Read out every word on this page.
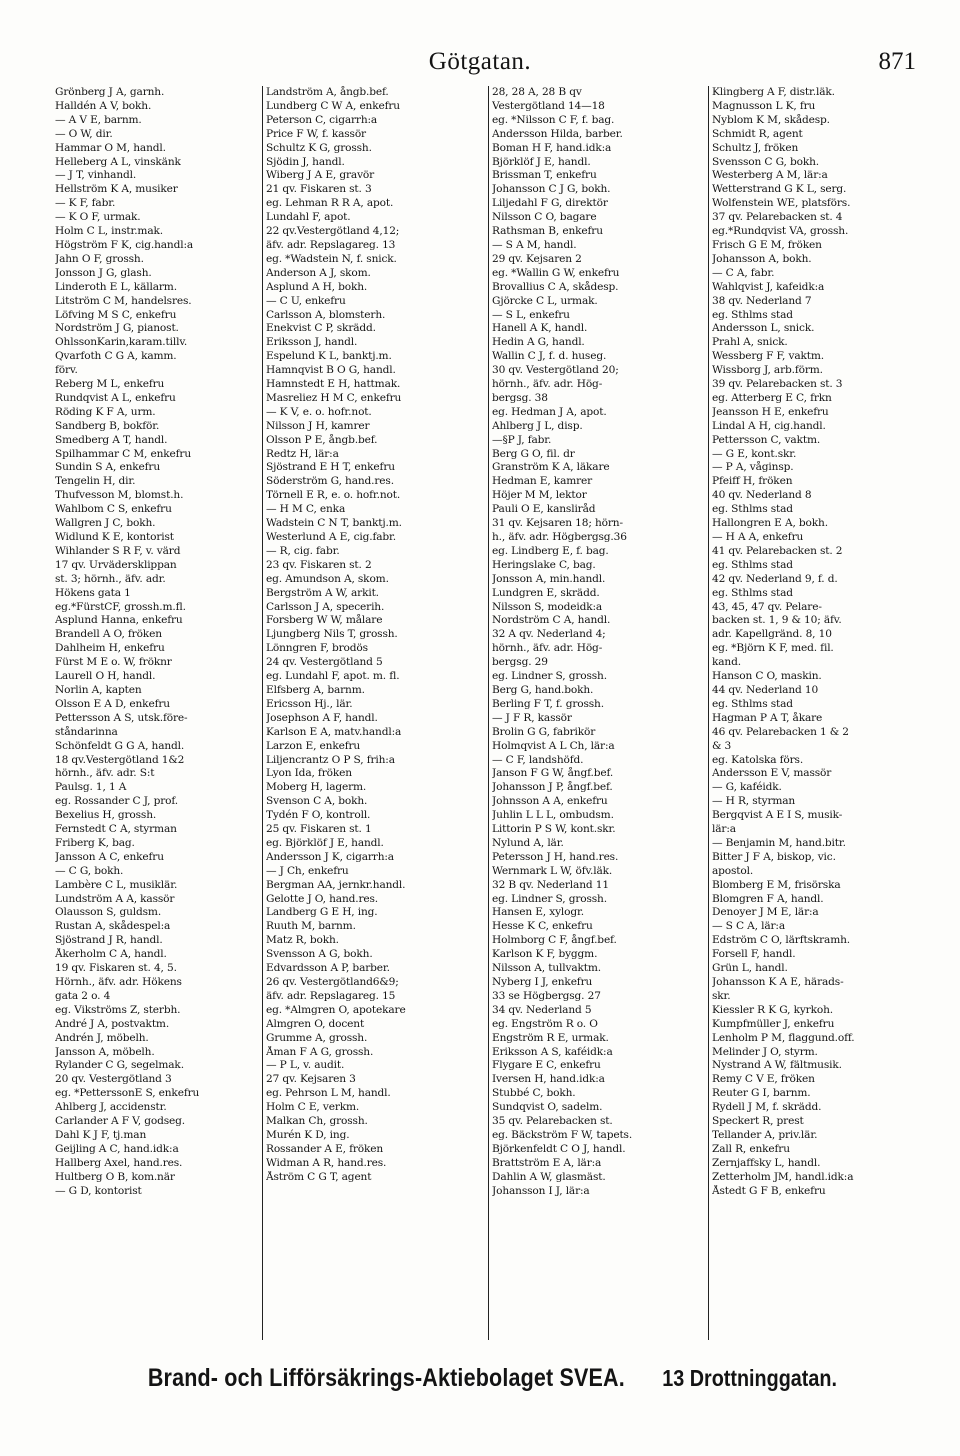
Götgatan.	871
Grönberg J A, garnh.
Halldén A V, bokh.
— A V E, barnm.
— O W, dir.
Hammar O M, handl.
Helleberg A L, vinskänk
— J T, vinhandl.
Hellström K A, musiker
— K F, fabr.
— K O F, urmak.
Holm C L, instr.mak.
Högström F K, cig.handl:a
Jahn O F, grossh.
Jonsson J G, glash.
Linderoth E L, källarm.
Litström C M, handelsres.
Löfving M S C, enkefru
Nordström J G, pianost.
OhlssonKarin,karam.tillv.
Qvarfoth C G A, kamm.
förv.
Reberg M L, enkefru
Rundqvist A L, enkefru
Röding K F A, urm.
Sandberg B, bokför.
Smedberg A T, handl.
Spilhammar C M, enkefru
Sundin S A, enkefru
Tengelin H, dir.
Thufvesson M, blomst.h.
Wahlbom C S, enkefru
Wallgren J C, bokh.
Widlund K E, kontorist
Wihlander S R F, v. värd
17 qv. Urvädersklippan
st. 3; hörnh., äfv. adr.
Hökens gata 1
eg.*FürstCF, grossh.m.fl.
Asplund Hanna, enkefru
Brandell A O, fröken
Dahlheim H, enkefru
Fürst M E o. W, fröknr
Laurell O H, handl.
Norlin A, kapten
Olsson E A D, enkefru
Pettersson A S, utsk.före-
ståndarinna
Schönfeldt G G A, handl.
18 qv.Vestergötland 1&2
hörnh., äfv. adr. S:t
Paulsg. 1, 1 A
eg. Rossander C J, prof.
Bexelius H, grossh.
Fernstedt C A, styrman
Friberg K, bag.
Jansson A C, enkefru
— C G, bokh.
Lambère C L, musiklär.
Lundström A A, kassör
Olausson S, guldsm.
Rustan A, skådespel:a
Sjöstrand J R, handl.
Åkerholm C A, handl.
19 qv. Fiskaren st. 4, 5.
Hörnh., äfv. adr. Hökens
gata 2 o. 4
eg. Vikströms Z, sterbh.
André J A, postvaktm.
Andrén J, möbelh.
Jansson A, möbelh.
Rylander C G, segelmak.
20 qv. Vestergötland 3
eg. *PetterssonE S, enkefru
Ahlberg J, accidenstr.
Carlander A F V, godseg.
Dahl K J F, tj.man
Geijling A C, hand.idk:a
Hallberg Axel, hand.res.
Hultberg O B, kom.när
— G D, kontorist
Landström A, ångb.bef.
Lundberg C W A, enkefru
Peterson C, cigarrh:a
Price F W, f. kassör
Schultz K G, grossh.
Sjödin J, handl.
Wiberg J A E, gravör
21 qv. Fiskaren st. 3
eg. Lehman R R A, apot.
Lundahl F, apot.
22 qv.Vestergötland 4,12;
äfv. adr. Repslagareg. 13
eg. *Wadstein N, f. snick.
Anderson A J, skom.
Asplund A H, bokh.
— C U, enkefru
Carlsson A, blomsterh.
Enekvist C P, skrädd.
Eriksson J, handl.
Espelund K L, banktj.m.
Hamnqvist B O G, handl.
Hamnstedt E H, hattmak.
Masreliez H M C, enkefru
— K V, e. o. hofr.not.
Nilsson J H, kamrer
Olsson P E, ångb.bef.
Redtz H, lär:a
Sjöstrand E H T, enkefru
Söderström G, hand.res.
Törnell E R, e. o. hofr.not.
— H M C, enka
Wadstein C N T, banktj.m.
Westerlund A E, cig.fabr.
— R, cig. fabr.
23 qv. Fiskaren st. 2
eg. Amundson A, skom.
Bergström A W, arkit.
Carlsson J A, specerih.
Forsberg W W, målare
Ljungberg Nils T, grossh.
Lönngren F, brodös
24 qv. Vestergötland 5
eg. Lundahl F, apot. m. fl.
Elfsberg A, barnm.
Ericsson Hj., lär.
Josephson A F, handl.
Karlson E A, matv.handl:a
Larzon E, enkefru
Liljencrantz O P S, frih:a
Lyon Ida, fröken
Moberg H, lagerm.
Svenson C A, bokh.
Tydén F O, kontroll.
25 qv. Fiskaren st. 1
eg. Björklöf J E, handl.
Andersson J K, cigarrh:a
— J Ch, enkefru
Bergman AA, jernkr.handl.
Gelotte J O, hand.res.
Landberg G E H, ing.
Ruuth M, barnm.
Matz R, bokh.
Svensson A G, bokh.
Edvardsson A P, barber.
26 qv. Vestergötland6&9;
äfv. adr. Repslagareg. 15
eg. *Almgren O, apotekare
Almgren O, docent
Grumme A, grossh.
Åman F A G, grossh.
— P L, v. audit.
27 qv. Kejsaren 3
eg. Pehrson L M, handl.
Holm C E, verkm.
Malkan Ch, grossh.
Murén K D, ing.
Rossander A E, fröken
Widman A R, hand.res.
Åström C G T, agent
28, 28 A, 28 B qv
Vestergötland 14—18
eg. *Nilsson C F, f. bag.
Andersson Hilda, barber.
Boman H F, hand.idk:a
Björklöf J E, handl.
Brissman T, enkefru
Johansson C J G, bokh.
Liljedahl F G, direktör
Nilsson C O, bagare
Rathsman B, enkefru
— S A M, handl.
29 qv. Kejsaren 2
eg. *Wallin G W, enkefru
Brovallius C A, skådesp.
Gjörcke C L, urmak.
— S L, enkefru
Hanell A K, handl.
Hedin A G, handl.
Wallin C J, f. d. huseg.
30 qv. Vestergötland 20;
hörnh., äfv. adr. Hög-
bergsg. 38
eg. Hedman J A, apot.
Ahlberg J L, disp.
—§P J, fabr.
Berg G O, fil. dr
Granström K A, läkare
Hedman E, kamrer
Höjer M M, lektor
Pauli O E, kansliråd
31 qv. Kejsaren 18; hörn-
h., äfv. adr. Högbergsg.36
eg. Lindberg E, f. bag.
Heringslake C, bag.
Jonsson A, min.handl.
Lundgren E, skrädd.
Nilsson S, modeidk:a
Nordström C A, handl.
32 A qv. Nederland 4;
hörnh., äfv. adr. Hög-
bergsg. 29
eg. Lindner S, grossh.
Berg G, hand.bokh.
Berling F T, f. grossh.
— J F R, kassör
Brolin G G, fabrikör
Holmqvist A L Ch, lär:a
— C F, landshöfd.
Janson F G W, ångf.bef.
Johansson J P, ångf.bef.
Johnsson A A, enkefru
Juhlin L L L, ombudsm.
Littorin P S W, kont.skr.
Nylund A, lär.
Petersson J H, hand.res.
Wernmark L W, öfv.läk.
32 B qv. Nederland 11
eg. Lindner S, grossh.
Hansen E, xylogr.
Hesse K C, enkefru
Holmborg C F, ångf.bef.
Karlson K F, byggm.
Nilsson A, tullvaktm.
Nyberg I J, enkefru
33 se Högbergsg. 27
34 qv. Nederland 5
eg. Engström R o. O
Engström R E, urmak.
Eriksson A S, kaféidk:a
Flygare E C, enkefru
Iversen H, hand.idk:a
Stubbé C, bokh.
Sundqvist O, sadelm.
35 qv. Pelarebacken st.
eg. Bäckström F W, tapets.
Björkenfeldt C O J, handl.
Brattström E A, lär:a
Dahlin A W, glasmäst.
Johansson I J, lär:a
Klingberg A F, distr.läk.
Magnusson L K, fru
Nyblom K M, skådesp.
Schmidt R, agent
Schultz J, fröken
Svensson C G, bokh.
Westerberg A M, lär:a
Wetterstrand G K L, serg.
Wolfenstein WE, platsförs.
37 qv. Pelarebacken st. 4
eg.*Rundqvist VA, grossh.
Frisch G E M, fröken
Johansson A, bokh.
— C A, fabr.
Wahlqvist J, kafeidk:a
38 qv. Nederland 7
eg. Sthlms stad
Andersson L, snick.
Prahl A, snick.
Wessberg F F, vaktm.
Wissborg J, arb.förm.
39 qv. Pelarebacken st. 3
eg. Atterberg E C, frkn
Jeansson H E, enkefru
Lindal A H, cig.handl.
Pettersson C, vaktm.
— G E, kont.skr.
— P A, våginsp.
Pfeiff H, fröken
40 qv. Nederland 8
eg. Sthlms stad
Hallongren E A, bokh.
— H A A, enkefru
41 qv. Pelarebacken st. 2
eg. Sthlms stad
42 qv. Nederland 9, f. d.
eg. Sthlms stad
43, 45, 47 qv. Pelare-
backen st. 1, 9 & 10; äfv.
adr. Kapellgränd. 8, 10
eg. *Björn K F, med. fil.
kand.
Hanson C O, maskin.
44 qv. Nederland 10
eg. Sthlms stad
Hagman P A T, åkare
46 qv. Pelarebacken 1 & 2
& 3
eg. Katolska förs.
Andersson E V, massör
— G, kaféidk.
— H R, styrman
Bergqvist A E I S, musik-
lär:a
— Benjamin M, hand.bitr.
Bitter J F A, biskop, vic.
apostol.
Blomberg E M, frisörska
Blomgren F A, handl.
Denoyer J M E, lär:a
— S C A, lär:a
Edström C O, lärftskramh.
Forsell F, handl.
Grün L, handl.
Johansson K A E, härads-
skr.
Kiessler R K G, kyrkoh.
Kumpfmüller J, enkefru
Lenholm P M, flaggund.off.
Melinder J O, styrm.
Nystrand A W, fältmusik.
Remy C V E, fröken
Reuter G I, barnm.
Rydell J M, f. skrädd.
Speckert R, prest
Tellander A, priv.lär.
Zall R, enkefru
Zernjaffsky L, handl.
Zetterholm JM, handl.idk:a
Åstedt G F B, enkefru
Brand- och Lifförsäkrings-Aktiebolaget SVEA. 13 Drottninggatan.
